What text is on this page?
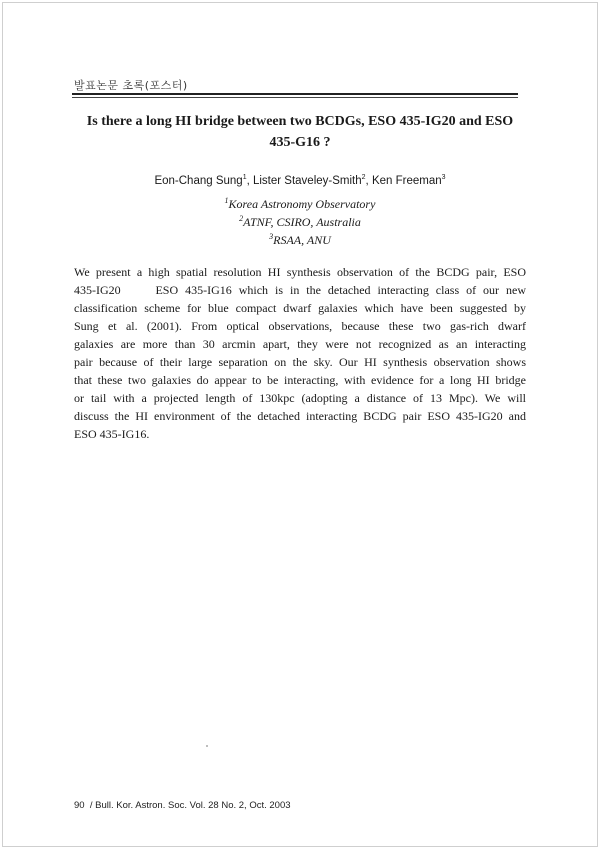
발표논문 초록(포스터)
Is there a long HI bridge between two BCDGs, ESO 435-IG20 and ESO
435-G16 ?
Eon-Chang Sung$^1$, Lister Staveley-Smith$^2$, Ken Freeman$^3$
$^1$Korea Astronomy Observatory
$^2$ATNF, CSIRO, Australia
$^3$RSAA, ANU
We present a high spatial resolution HI synthesis observation of the BCDG pair, ESO
435-IG20     ESO 435-IG16 which is in the detached interacting class of our new
classification scheme for blue compact dwarf galaxies which have been suggested by
Sung et al. (2001). From optical observations, because these two gas-rich dwarf
galaxies are more than 30 arcmin apart, they were not recognized as an interacting
pair because of their large separation on the sky. Our HI synthesis observation shows
that these two galaxies do appear to be interacting, with evidence for a long HI bridge
or tail with a projected length of 130kpc (adopting a distance of 13 Mpc). We will
discuss the HI environment of the detached interacting BCDG pair ESO 435-IG20 and
ESO 435-IG16.
90  / Bull. Kor. Astron. Soc. Vol. 28 No. 2, Oct. 2003
